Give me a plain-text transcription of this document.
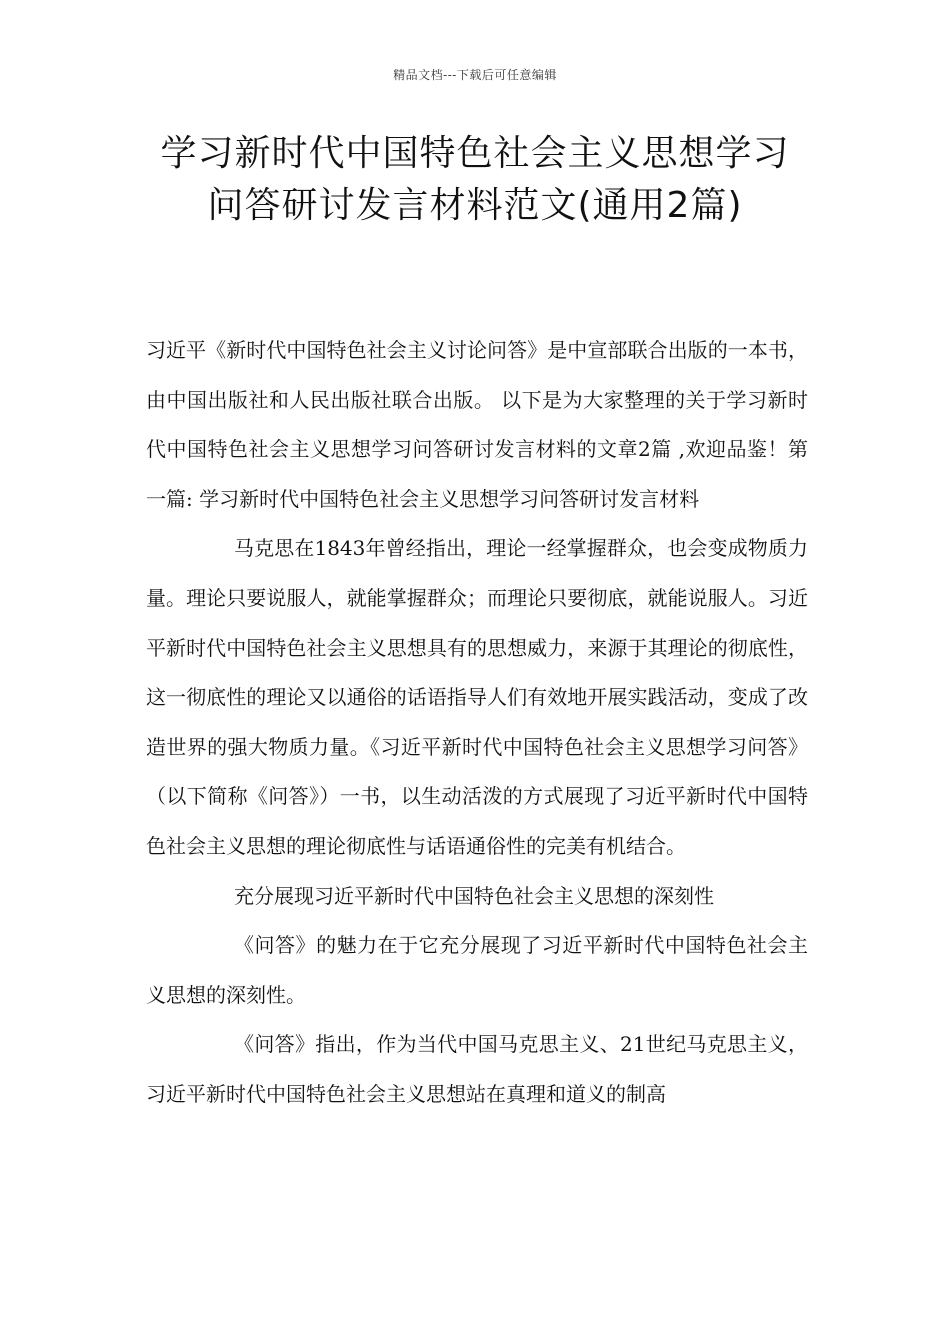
精品文档---下载后可任意编辑
学习新时代中国特色社会主义思想学习
问答研讨发言材料范文(通用2篇)

习近平《新时代中国特色社会主义讨论问答》是中宣部联合出版的一本书，由中国出版社和人民出版社联合出版。 以下是为大家整理的关于学习新时代中国特色社会主义思想学习问答研讨发言材料的文章2篇 ,欢迎品鉴！第一篇: 学习新时代中国特色社会主义思想学习问答研讨发言材料

马克思在1843年曾经指出，理论一经掌握群众，也会变成物质力量。理论只要说服人，就能掌握群众；而理论只要彻底，就能说服人。习近平新时代中国特色社会主义思想具有的思想威力，来源于其理论的彻底性，这一彻底性的理论又以通俗的话语指导人们有效地开展实践活动，变成了改造世界的强大物质力量。《习近平新时代中国特色社会主义思想学习问答》（以下简称《问答》）一书，以生动活泼的方式展现了习近平新时代中国特色社会主义思想的理论彻底性与话语通俗性的完美有机结合。

充分展现习近平新时代中国特色社会主义思想的深刻性

《问答》的魅力在于它充分展现了习近平新时代中国特色社会主义思想的深刻性。

《问答》指出，作为当代中国马克思主义、21世纪马克思主义，习近平新时代中国特色社会主义思想站在真理和道义的制高
